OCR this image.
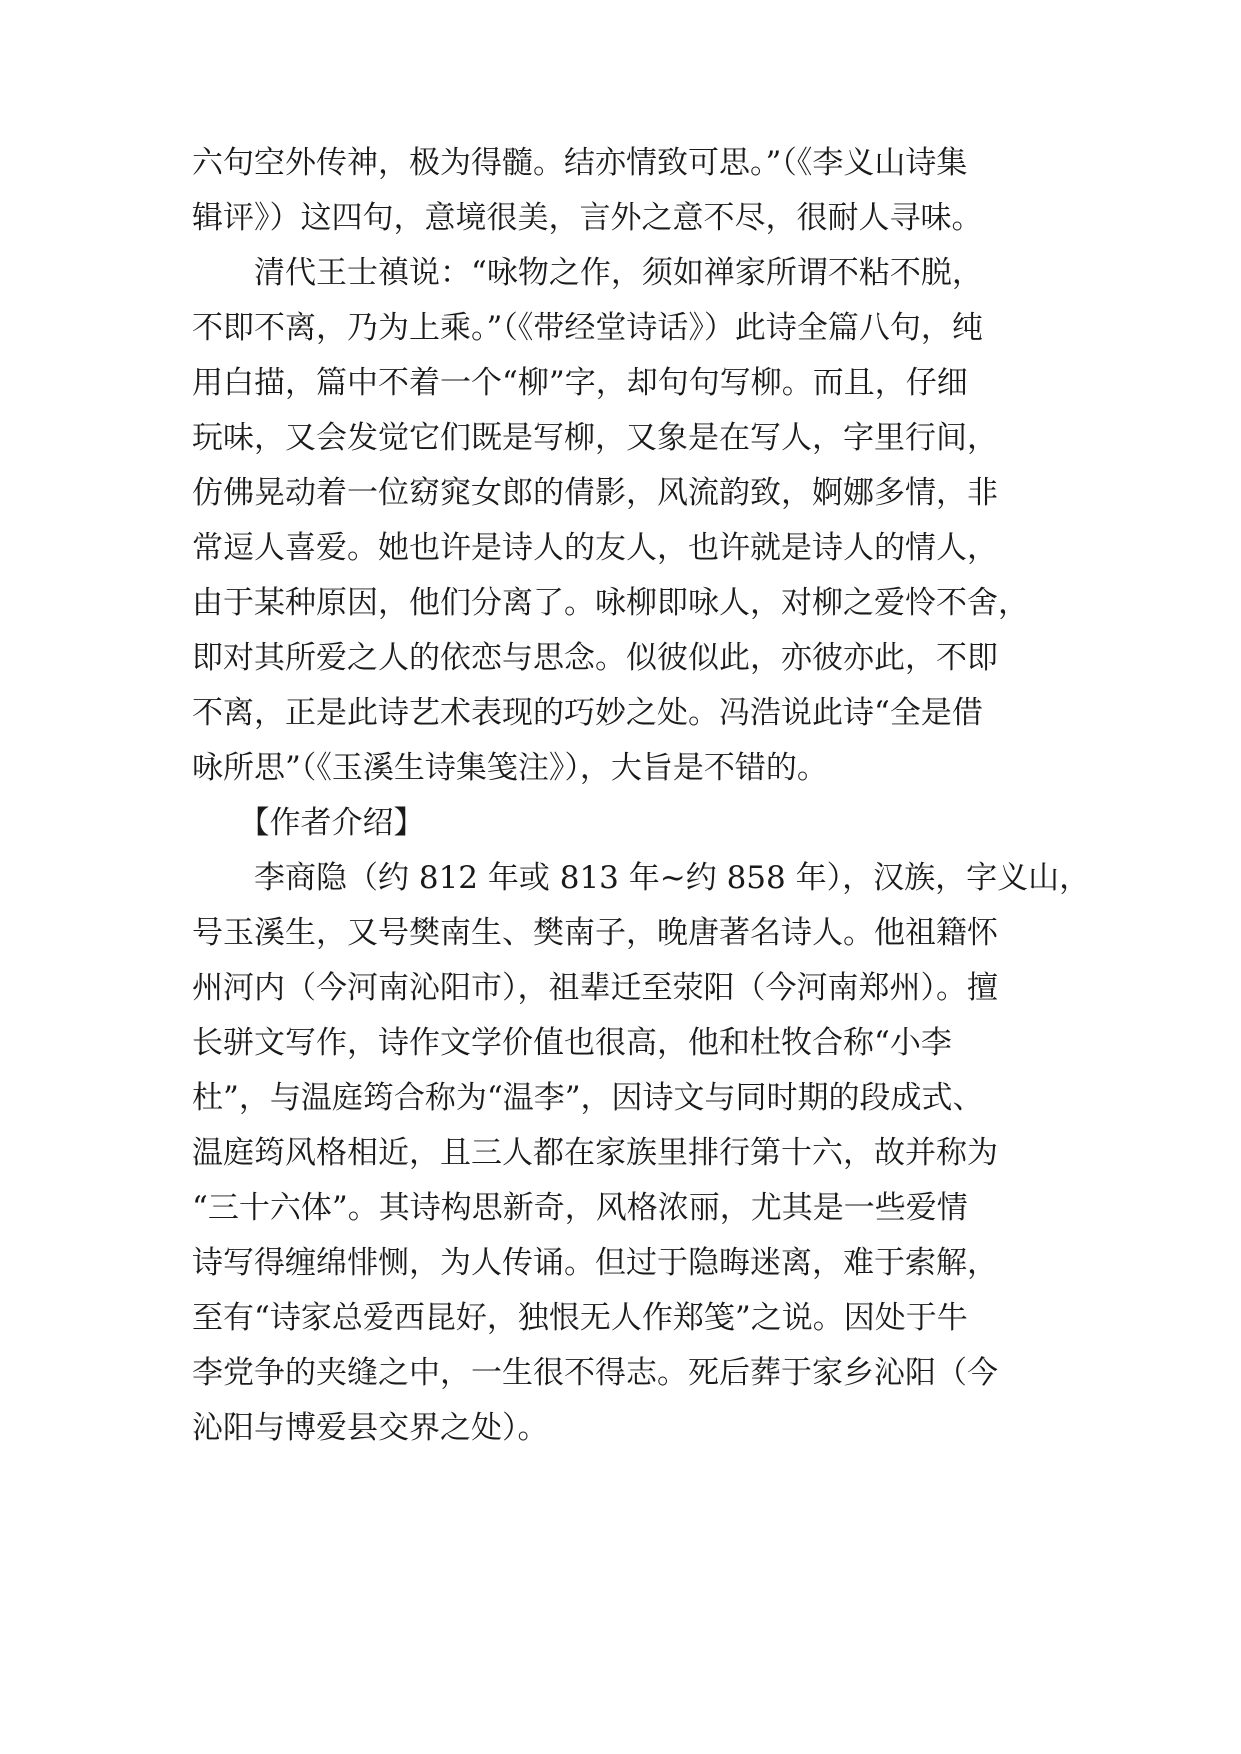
六句空外传神，极为得髓。结亦情致可思。”（《李义山诗集
辑评》）这四句，意境很美，言外之意不尽，很耐人寻味。
　　清代王士禛说：“咏物之作，须如禅家所谓不粘不脱，
不即不离，乃为上乘。”（《带经堂诗话》）此诗全篇八句，纯
用白描，篇中不着一个“柳”字，却句句写柳。而且，仔细
玩味，又会发觉它们既是写柳，又象是在写人，字里行间，
仿佛晃动着一位窈窕女郎的倩影，风流韵致，婀娜多情，非
常逗人喜爱。她也许是诗人的友人，也许就是诗人的情人，
由于某种原因，他们分离了。咏柳即咏人，对柳之爱怜不舍，
即对其所爱之人的依恋与思念。似彼似此，亦彼亦此，不即
不离，正是此诗艺术表现的巧妙之处。冯浩说此诗“全是借
咏所思”（《玉溪生诗集笺注》），大旨是不错的。
　　【作者介绍】
　　李商隐（约 812 年或 813 年~约 858 年），汉族，字义山，
号玉溪生，又号樊南生、樊南子，晚唐著名诗人。他祖籍怀
州河内（今河南沁阳市），祖辈迁至荥阳（今河南郑州）。擅
长骈文写作，诗作文学价值也很高，他和杜牧合称“小李
杜”，与温庭筠合称为“温李”，因诗文与同时期的段成式、
温庭筠风格相近，且三人都在家族里排行第十六，故并称为
“三十六体”。其诗构思新奇，风格浓丽，尤其是一些爱情
诗写得缠绵悱恻，为人传诵。但过于隐晦迷离，难于索解，
至有“诗家总爱西昆好，独恨无人作郑笺”之说。因处于牛
李党争的夹缝之中，一生很不得志。死后葬于家乡沁阳（今
沁阳与博爱县交界之处）。
